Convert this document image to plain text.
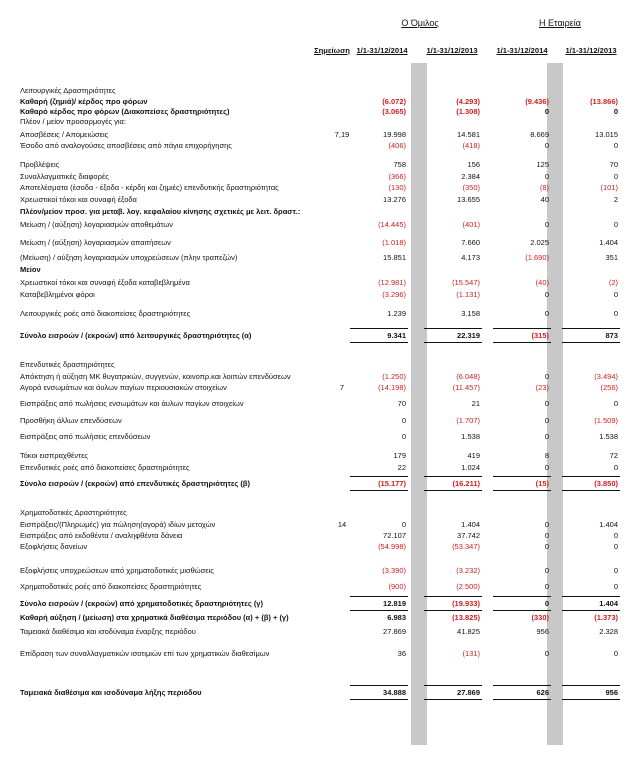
Ο Όμιλος	Η Εταιρεία
Σημείωση 1/1-31/12/2014	1/1-31/12/2013	1/1-31/12/2014	1/1-31/12/2013
Λειτουργικές Δραστηριότητες
Καθαρή (ζημιά)/ κέρδος προ φόρων	(6.072)	(4.293)	(9.436)	(13.866)
Καθαρό κέρδος προ φόρων (Διακοπείσες δραστηριότητες)	(3.065)	(1.308)	0	0
Πλέον / μείον προσαρμογές για:
Αποσβέσεις / Απομειώσεις	7,19	19.998	14.581	8.669	13.015
Έσοδο από αναλογούσες αποσβέσεις από πάγια επιχορήγησης	(406)	(418)	0	0
Προβλέψεις	758	156	125	70
Συναλλαγματικές διαφορές	(366)	2.384	0	0
Αποτελέσματα (έσοδα - έξοδα - κέρδη και ζημιές) επενδυτικής δραστηριότητας	(130)	(350)	(8)	(101)
Χρεωστικοί τόκοι και συναφή έξοδα	13.276	13.655	40	2
Πλέον/μείον προσ. για μεταβ. λογ. κεφαλαίου κίνησης σχετικές με λειτ. δραστ.:
Μείωση / (αύξηση) λογαριασμών αποθεμάτων	(14.445)	(401)	0	0
Μείωση / (αύξηση) λογαριασμών απαιτήσεων	(1.018)	7.660	2.025	1.404
(Μείωση) / αύξηση λογαριασμών υποχρεώσεων (πλην τραπεζών)	15.851	4.173	(1.690)	351
Μείον
Χρεωστικοί τόκοι και συναφή έξοδα καταβεβλημένα	(12.981)	(15.547)	(40)	(2)
Καταβεβλημένοι φόροι	(3.296)	(1.131)	0	0
Λειτουργικές ροές από διακοπείσες δραστηριότητες	1.239	3.158	0	0
Σύνολο εισροών / (εκροών) από λειτουργικές δραστηριότητες (α)	9.341	22.319	(315)	873
Επενδυτικές δραστηριότητες
Απόκτηση ή αύξηση ΜΚ θυγατρικών, συγγενών, κοινοπρ.και λοιπών επενδύσεων	(1.250)	(6.048)	0	(3.494)
Αγορά ενσωμάτων και άυλων παγίων περιουσιακών στοιχείων	7	(14.198)	(11.457)	(23)	(256)
Εισπράξεις από πωλήσεις ενσωμάτων και άυλων παγίων στοιχείων	70	21	0	0
Προσθήκη άλλων επενδύσεων	0	(1.707)	0	(1.509)
Εισπράξεις από πωλήσεις επενδύσεων	0	1.538	0	1.538
Τόκοι εισπραχθέντες	179	419	8	72
Επενδυτικές ροές από διακοπείσες δραστηριότητες	22	1.024	0	0
Σύνολο εισροών / (εκροών) από επενδυτικές δραστηριότητες (β)	(15.177)	(16.211)	(15)	(3.850)
Χρηματοδοτικές Δραστηριότητες
Εισπράξεις/(Πληρωμές) για πώληση(αγορά) ιδίων μετοχών	14	0	1.404	0	1.404
Εισπράξεις από εκδοθέντα / αναληφθέντα δάνεια	72.107	37.742	0	0
Εξοφλήσεις δανείων	(54.998)	(53.347)	0	0
Εξοφλήσεις υποχρεώσεων από χρηματοδοτικές μισθώσεις	(3.390)	(3.232)	0	0
Χρηματοδοτικές ροές από διακοπείσες δραστηριότητες	(900)	(2.500)	0	0
Σύνολο εισροών / (εκροών) από χρηματοδοτικές δραστηριότητες (γ)	12.819	(19.933)	0	1.404
Καθαρή αύξηση / (μείωση) στα χρηματικά διαθέσιμα περιόδου (α) + (β) + (γ)	6.983	(13.825)	(330)	(1.373)
Ταμειακά διαθέσιμα και ισοδύναμα έναρξης περιόδου	27.869	41.825	956	2.328
Επίδραση των συναλλαγματικών ισοτιμιών επί των χρηματικών διαθεσίμων	36	(131)	0	0
Ταμειακά διαθέσιμα και ισοδύναμα λήξης περιόδου	34.888	27.869	626	956
